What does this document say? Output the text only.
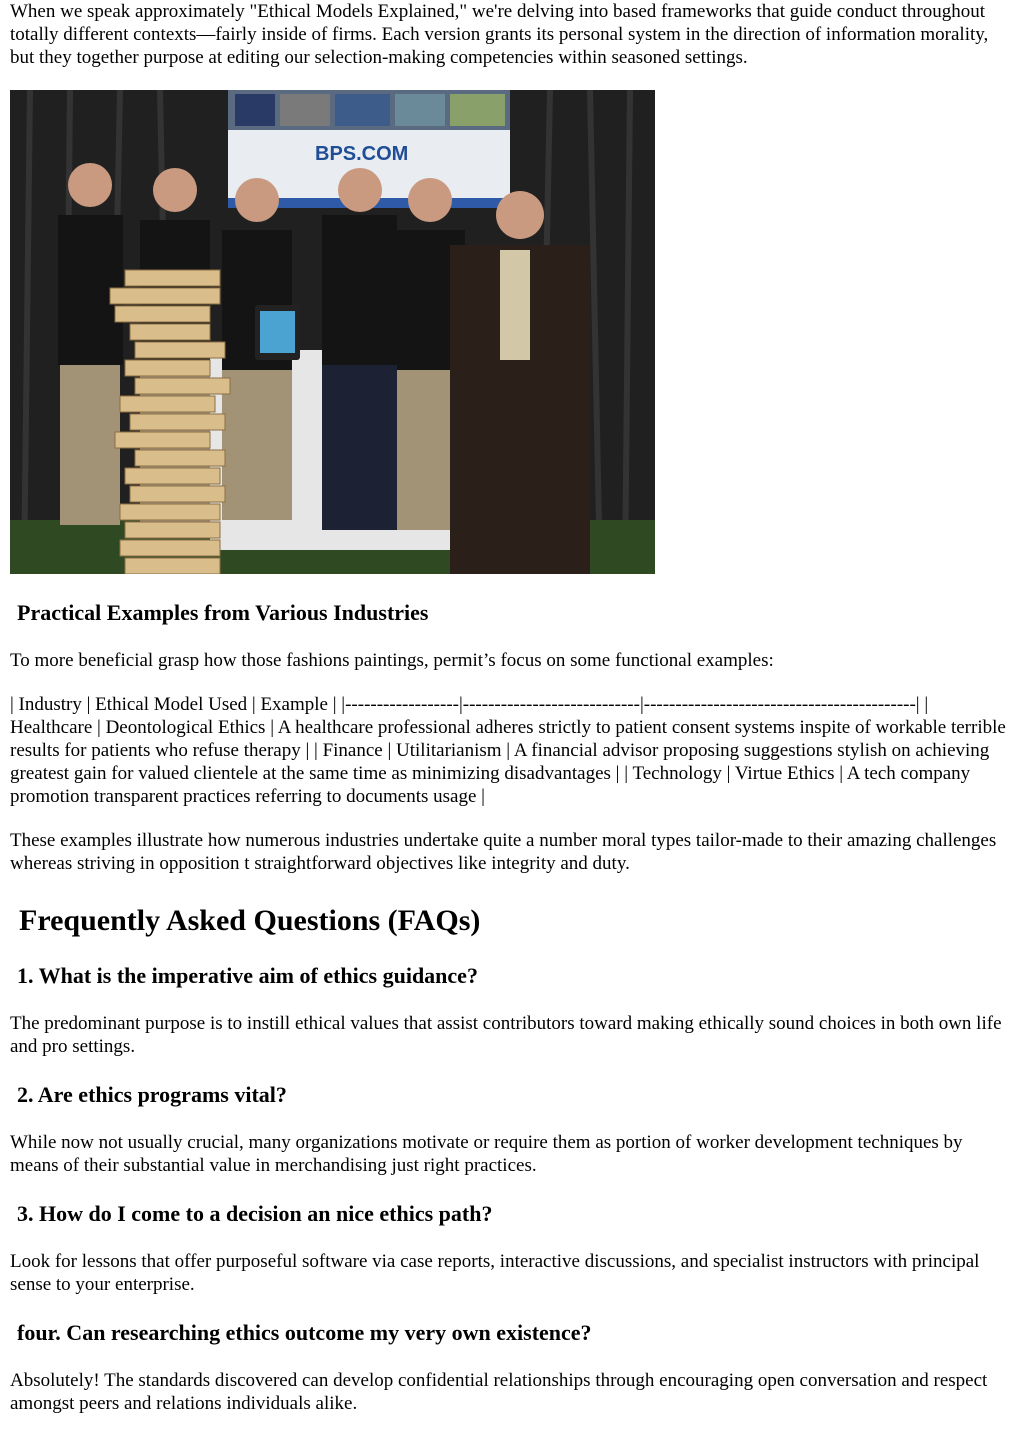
When we speak approximately "Ethical Models Explained," we're delving into based frameworks that guide conduct throughout totally different contexts—fairly inside of firms. Each version grants its personal system in the direction of information morality, but they together purpose at editing our selection-making competencies within seasoned settings.

BPS.COM
Practical Examples from Various Industries

To more beneficial grasp how those fashions paintings, permit’s focus on some functional examples:

| Industry | Ethical Model Used | Example | |------------------|----------------------------|-------------------------------------------| | Healthcare | Deontological Ethics | A healthcare professional adheres strictly to patient consent systems inspite of workable terrible results for patients who refuse therapy | | Finance | Utilitarianism | A financial advisor proposing suggestions stylish on achieving greatest gain for valued clientele at the same time as minimizing disadvantages | | Technology | Virtue Ethics | A tech company promotion transparent practices referring to documents usage |

These examples illustrate how numerous industries undertake quite a number moral types tailor-made to their amazing challenges whereas striving in opposition t straightforward objectives like integrity and duty.

Frequently Asked Questions (FAQs)
1. What is the imperative aim of ethics guidance?

The predominant purpose is to instill ethical values that assist contributors toward making ethically sound choices in both own life and pro settings.

2. Are ethics programs vital?

While now not usually crucial, many organizations motivate or require them as portion of worker development techniques by means of their substantial value in merchandising just right practices.

3. How do I come to a decision an nice ethics path?

Look for lessons that offer purposeful software via case reports, interactive discussions, and specialist instructors with principal sense to your enterprise.

four. Can researching ethics outcome my very own existence?

Absolutely! The standards discovered can develop confidential relationships through encouraging open conversation and respect amongst peers and relations individuals alike.
